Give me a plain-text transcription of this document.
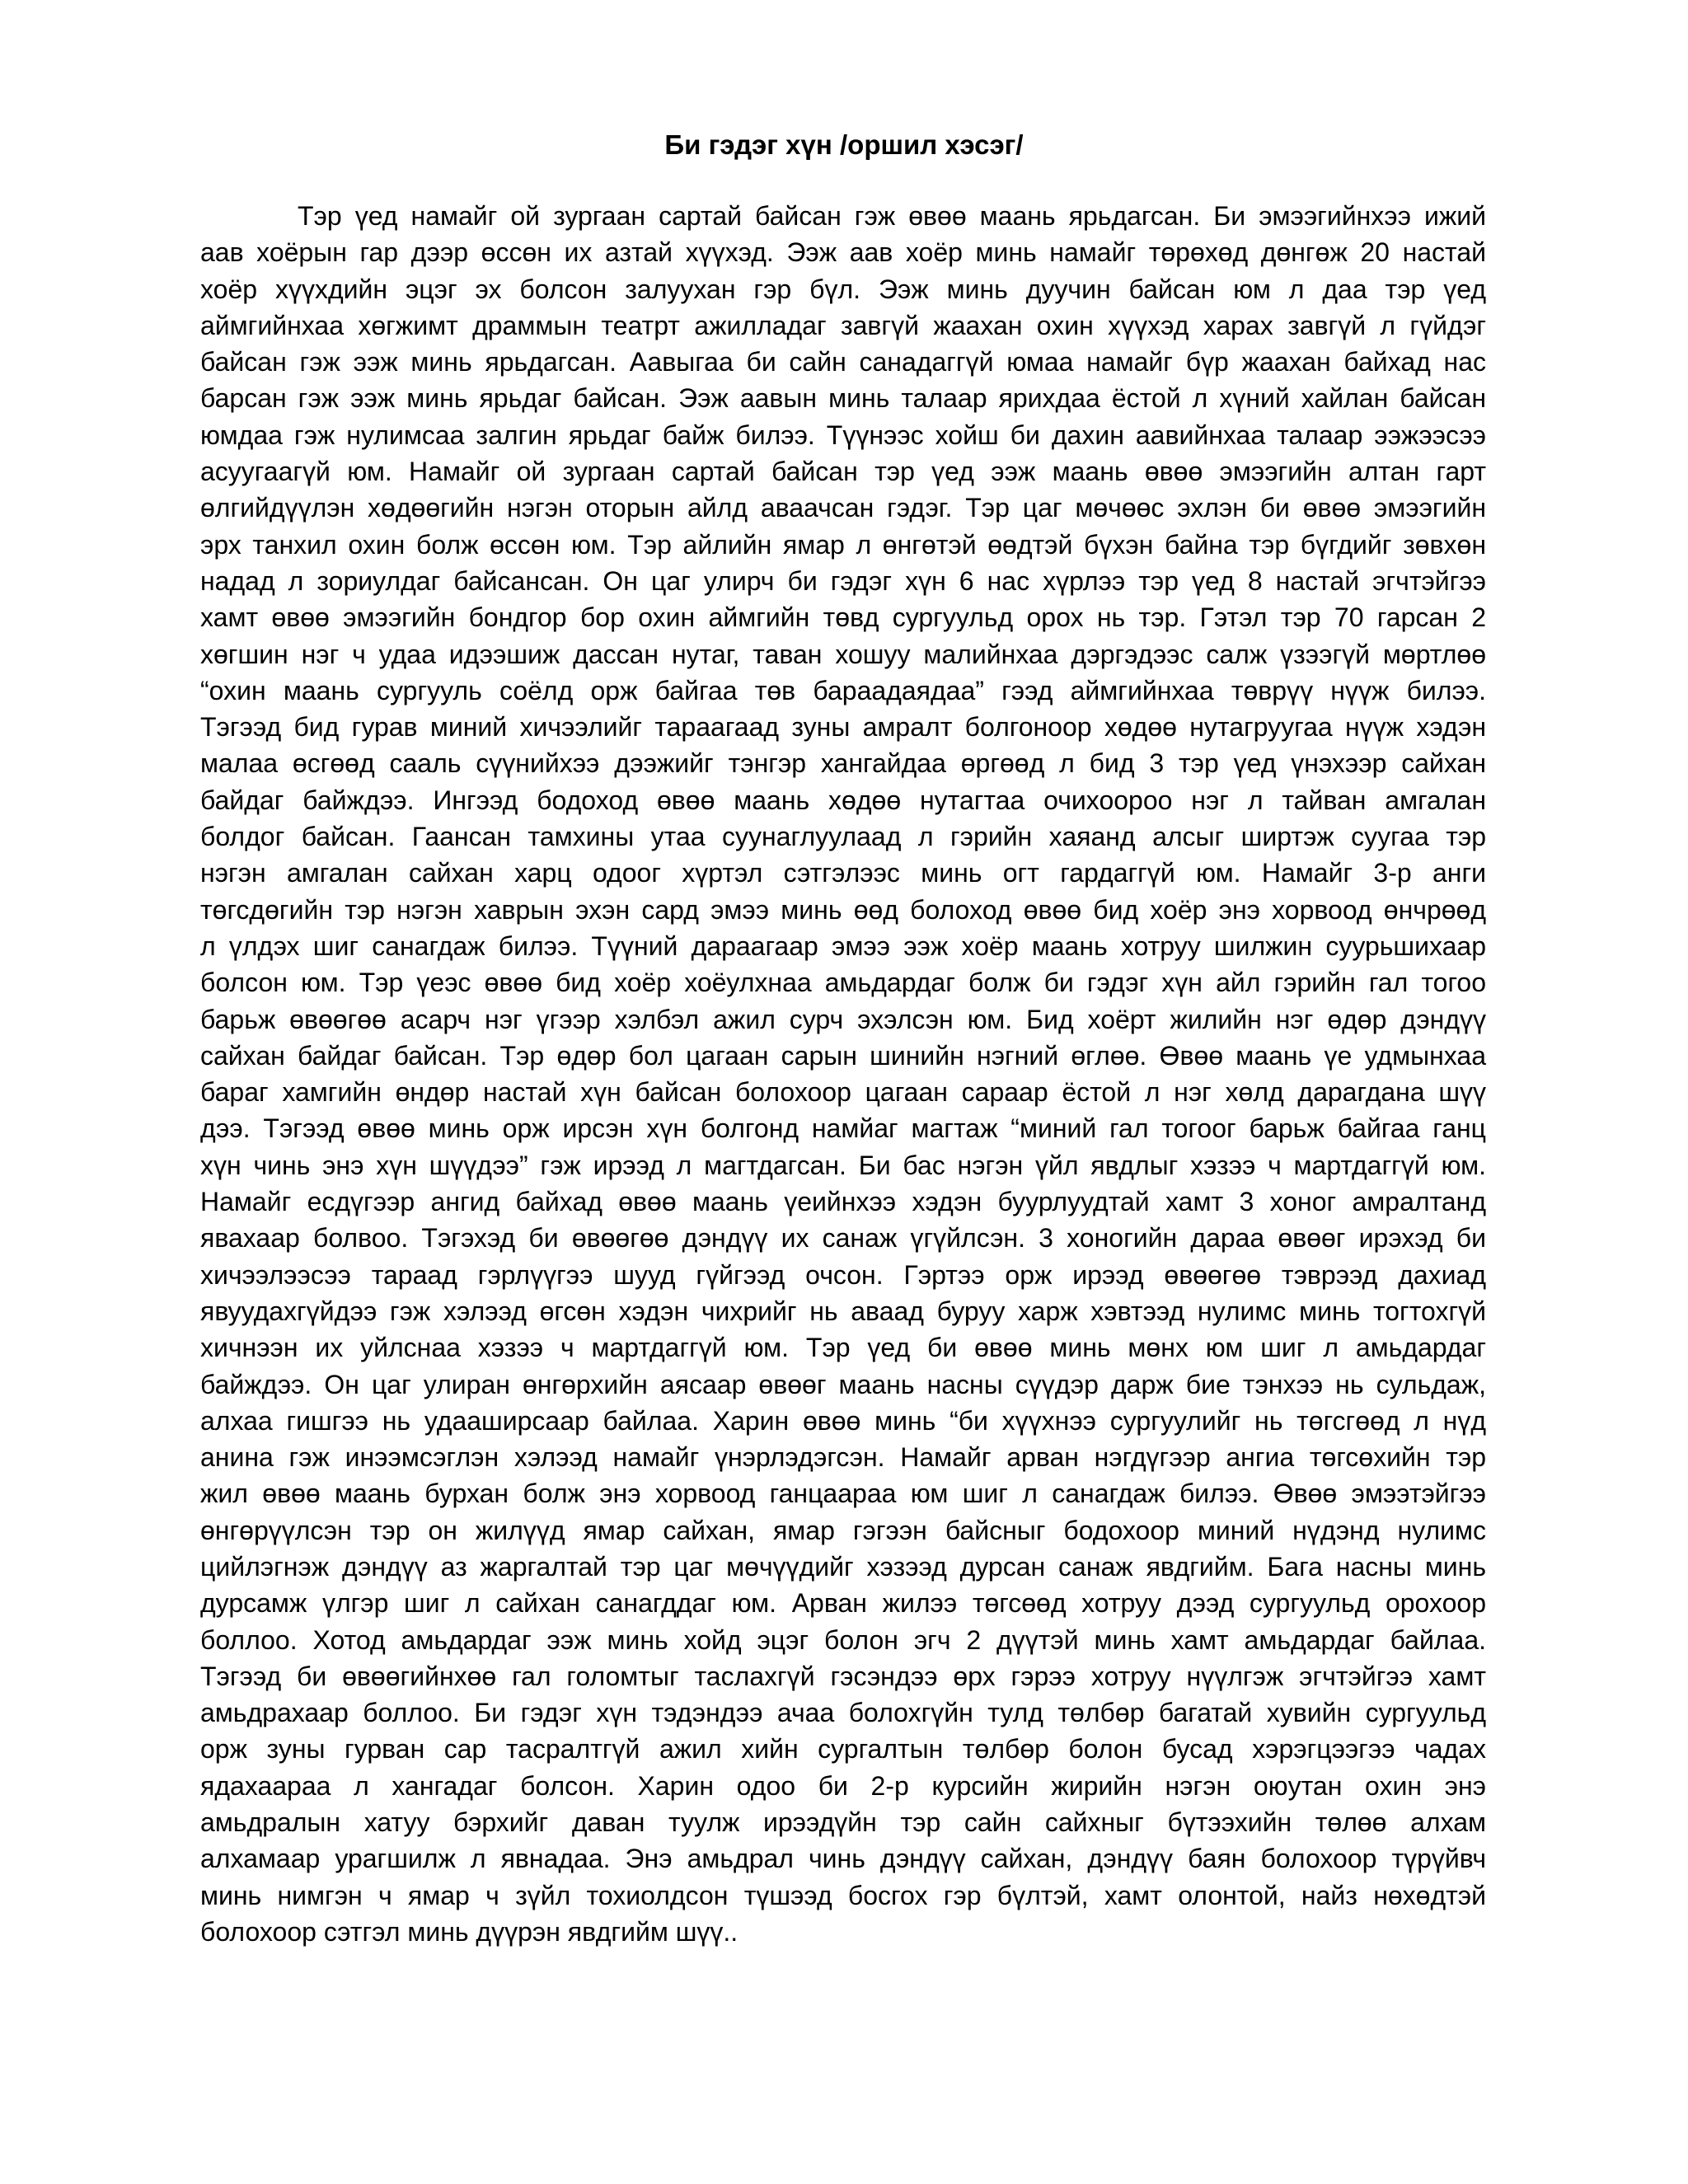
Би гэдэг хүн /оршил хэсэг/
Тэр үед намайг ой зургаан сартай байсан гэж өвөө маань ярьдагсан. Би эмээгийнхээ ижий
аав хоёрын гар дээр өссөн их азтай хүүхэд. Ээж аав хоёр минь намайг төрөхөд дөнгөж 20 настай
хоёр хүүхдийн эцэг эх болсон залуухан гэр бүл. Ээж минь дуучин байсан юм л даа тэр үед
аймгийнхаа хөгжимт драммын театрт ажилладаг завгүй жаахан охин хүүхэд харах завгүй л гүйдэг
байсан гэж ээж минь ярьдагсан. Аавыгаа би сайн санадаггүй юмаа намайг бүр жаахан байхад нас
барсан гэж ээж минь ярьдаг байсан. Ээж аавын минь талаар ярихдаа ёстой л хүний хайлан байсан
юмдаа гэж нулимсаа залгин ярьдаг байж билээ. Түүнээс хойш би дахин аавийнхаа талаар ээжээсээ
асуугаагүй юм. Намайг ой зургаан сартай байсан тэр үед ээж маань өвөө эмээгийн алтан гарт
өлгийдүүлэн хөдөөгийн нэгэн оторын айлд аваачсан гэдэг. Тэр цаг мөчөөс эхлэн би өвөө эмээгийн
эрх танхил охин болж өссөн юм. Тэр айлийн ямар л өнгөтэй өөдтэй бүхэн байна тэр бүгдийг зөвхөн
надад л зориулдаг байсансан. Он цаг улирч би гэдэг хүн 6 нас хүрлээ тэр үед 8 настай эгчтэйгээ
хамт өвөө эмээгийн бондгор бор охин аймгийн төвд сургуульд орох нь тэр. Гэтэл тэр 70 гарсан 2
хөгшин нэг ч удаа идээшиж дассан нутаг, таван хошуу малийнхаа дэргэдээс салж үзээгүй мөртлөө
“охин маань сургууль соёлд орж байгаа төв бараадаядаа” гээд аймгийнхаа төврүү нүүж билээ.
Тэгээд бид гурав миний хичээлийг тараагаад зуны амралт болгоноор хөдөө нутагруугаа нүүж хэдэн
малаа өсгөөд сааль сүүнийхээ дээжийг тэнгэр хангайдаа өргөөд л бид 3 тэр үед үнэхээр сайхан
байдаг байждээ. Ингээд бодоход өвөө маань хөдөө нутагтаа очихоороо нэг л тайван амгалан
болдог байсан. Гаансан тамхины утаа суунаглуулаад л гэрийн хаяанд алсыг ширтэж суугаа тэр
нэгэн амгалан сайхан харц одоог хүртэл сэтгэлээс минь огт гардаггүй юм. Намайг 3-р анги
төгсдөгийн тэр нэгэн хаврын эхэн сард эмээ минь өөд болоход өвөө бид хоёр энэ хорвоод өнчрөөд
л үлдэх шиг санагдаж билээ. Түүний дараагаар эмээ ээж хоёр маань хотруу шилжин суурьшихаар
болсон юм. Тэр үеэс өвөө бид хоёр хоёулхнаа амьдардаг болж би гэдэг хүн айл гэрийн гал тогоо
барьж өвөөгөө асарч нэг үгээр хэлбэл ажил сурч эхэлсэн юм. Бид хоёрт жилийн нэг өдөр дэндүү
сайхан байдаг байсан. Тэр өдөр бол цагаан сарын шинийн нэгний өглөө. Өвөө маань үе удмынхаа
бараг хамгийн өндөр настай хүн байсан болохоор цагаан сараар ёстой л нэг хөлд дарагдана шүү
дээ. Тэгээд өвөө минь орж ирсэн хүн болгонд намйаг магтаж “миний гал тогоог барьж байгаа ганц
хүн чинь энэ хүн шүүдээ” гэж ирээд л магтдагсан. Би бас нэгэн үйл явдлыг хэзээ ч мартдаггүй юм.
Намайг есдүгээр ангид байхад өвөө маань үеийнхээ хэдэн буурлуудтай хамт 3 хоног амралтанд
явахаар болвоо. Тэгэхэд би өвөөгөө дэндүү их санаж үгүйлсэн. 3 хоногийн дараа өвөөг ирэхэд би
хичээлээсээ тараад гэрлүүгээ шууд гүйгээд очсон. Гэртээ орж ирээд өвөөгөө тэврээд дахиад
явуудахгүйдээ гэж хэлээд өгсөн хэдэн чихрийг нь аваад буруу харж хэвтээд нулимс минь тогтохгүй
хичнээн их уйлснаа хэзээ ч мартдаггүй юм. Тэр үед би өвөө минь мөнх юм шиг л амьдардаг
байждээ. Он цаг улиран өнгөрхийн аясаар өвөөг маань насны сүүдэр дарж бие тэнхээ нь сульдаж,
алхаа гишгээ нь удааширсаар байлаа. Харин өвөө минь “би хүүхнээ сургуулийг нь төгсгөөд л нүд
анина гэж инээмсэглэн хэлээд намайг үнэрлэдэгсэн. Намайг арван нэгдүгээр ангиа төгсөхийн тэр
жил өвөө маань бурхан болж энэ хорвоод ганцаараа юм шиг л санагдаж билээ. Өвөө эмээтэйгээ
өнгөрүүлсэн тэр он жилүүд ямар сайхан, ямар гэгээн байсныг бодохоор миний нүдэнд нулимс
цийлэгнэж дэндүү аз жаргалтай тэр цаг мөчүүдийг хэзээд дурсан санаж явдгийм. Бага насны минь
дурсамж үлгэр шиг л сайхан санагддаг юм. Арван жилээ төгсөөд хотруу дээд сургуульд орохоор
боллоо. Хотод амьдардаг ээж минь хойд эцэг болон эгч 2 дүүтэй минь хамт амьдардаг байлаа.
Тэгээд би өвөөгийнхөө гал голомтыг таслахгүй гэсэндээ өрх гэрээ хотруу нүүлгэж эгчтэйгээ хамт
амьдрахаар боллоо. Би гэдэг хүн тэдэндээ ачаа болохгүйн тулд төлбөр багатай хувийн сургуульд
орж зуны гурван сар тасралтгүй ажил хийн сургалтын төлбөр болон бусад хэрэгцээгээ чадах
ядахаараа л хангадаг болсон. Харин одоо би 2-р курсийн жирийн нэгэн оюутан охин энэ
амьдралын хатуу бэрхийг даван туулж ирээдүйн тэр сайн сайхныг бүтээхийн төлөө алхам
алхамаар урагшилж л явнадаа. Энэ амьдрал чинь дэндүү сайхан, дэндүү баян болохоор түрүйвч
минь нимгэн ч ямар ч зүйл тохиолдсон түшээд босгох гэр бүлтэй, хамт олонтой, найз нөхөдтэй
болохоор сэтгэл минь дүүрэн явдгийм шүү..
